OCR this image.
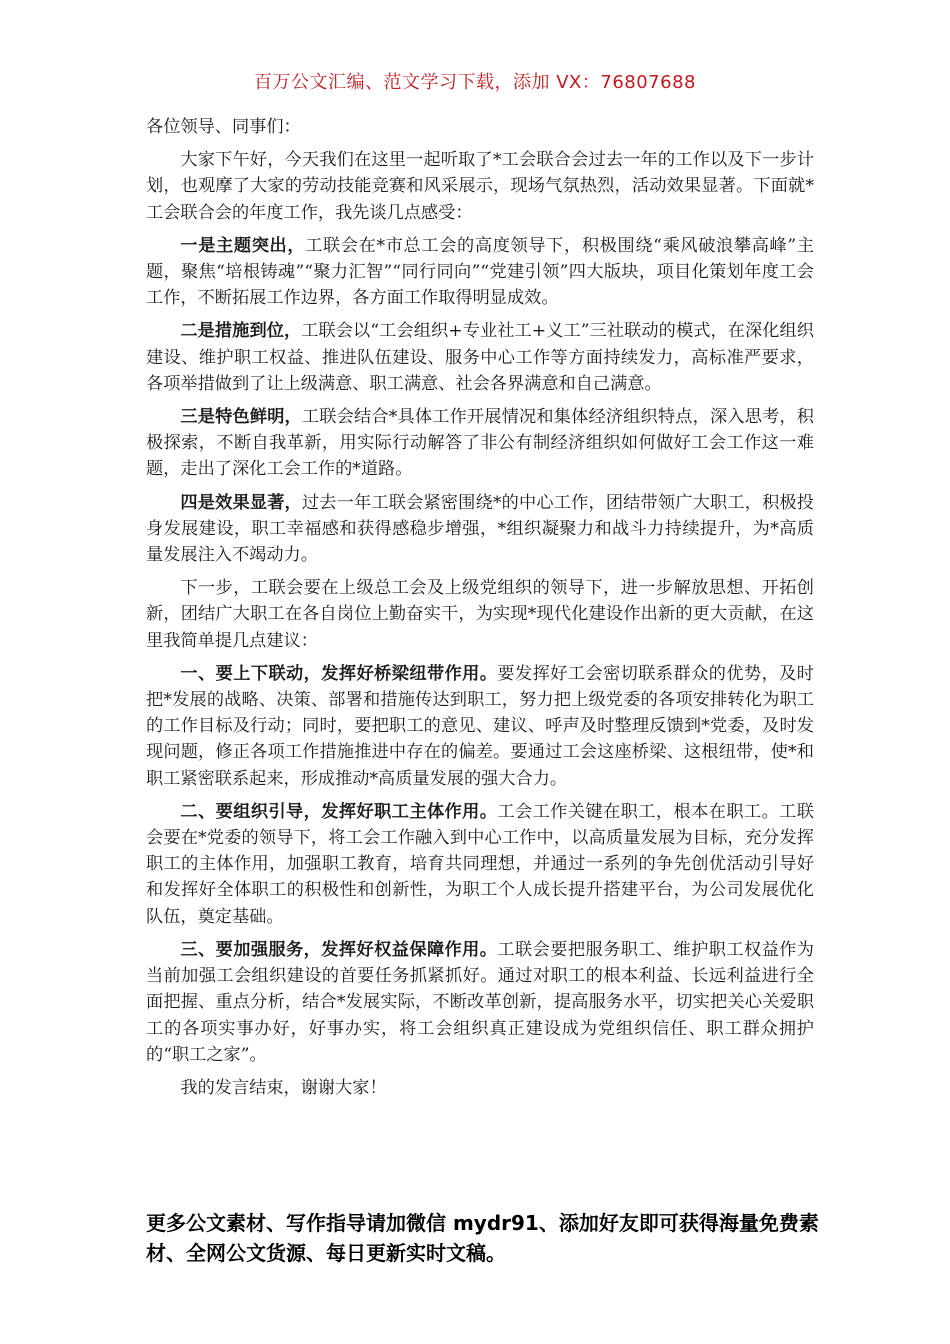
百万公文汇编、范文学习下载，添加 VX：76807688

各位领导、同事们：

大家下午好，今天我们在这里一起听取了*工会联合会过去一年的工作以及下一步计划，也观摩了大家的劳动技能竞赛和风采展示，现场气氛热烈，活动效果显著。下面就*工会联合会的年度工作，我先谈几点感受：

一是主题突出，工联会在*市总工会的高度领导下，积极围绕“乘风破浪攀高峰”主题，聚焦“培根铸魂”“聚力汇智”“同行同向”“党建引领”四大版块，项目化策划年度工会工作，不断拓展工作边界，各方面工作取得明显成效。

二是措施到位，工联会以“工会组织+专业社工+义工”三社联动的模式，在深化组织建设、维护职工权益、推进队伍建设、服务中心工作等方面持续发力，高标准严要求，各项举措做到了让上级满意、职工满意、社会各界满意和自己满意。

三是特色鲜明，工联会结合*具体工作开展情况和集体经济组织特点，深入思考，积极探索，不断自我革新，用实际行动解答了非公有制经济组织如何做好工会工作这一难题，走出了深化工会工作的*道路。

四是效果显著，过去一年工联会紧密围绕*的中心工作，团结带领广大职工，积极投身发展建设，职工幸福感和获得感稳步增强，*组织凝聚力和战斗力持续提升，为*高质量发展注入不竭动力。

下一步，工联会要在上级总工会及上级党组织的领导下，进一步解放思想、开拓创新，团结广大职工在各自岗位上勤奋实干，为实现*现代化建设作出新的更大贡献，在这里我简单提几点建议：

一、要上下联动，发挥好桥梁纽带作用。要发挥好工会密切联系群众的优势，及时把*发展的战略、决策、部署和措施传达到职工，努力把上级党委的各项安排转化为职工的工作目标及行动；同时，要把职工的意见、建议、呼声及时整理反馈到*党委，及时发现问题，修正各项工作措施推进中存在的偏差。要通过工会这座桥梁、这根纽带，使*和职工紧密联系起来，形成推动*高质量发展的强大合力。

二、要组织引导，发挥好职工主体作用。工会工作关键在职工，根本在职工。工联会要在*党委的领导下，将工会工作融入到中心工作中，以高质量发展为目标，充分发挥职工的主体作用，加强职工教育，培育共同理想，并通过一系列的争先创优活动引导好和发挥好全体职工的积极性和创新性，为职工个人成长提升搭建平台，为公司发展优化队伍，奠定基础。

三、要加强服务，发挥好权益保障作用。工联会要把服务职工、维护职工权益作为当前加强工会组织建设的首要任务抓紧抓好。通过对职工的根本利益、长远利益进行全面把握、重点分析，结合*发展实际，不断改革创新，提高服务水平，切实把关心关爱职工的各项实事办好，好事办实，将工会组织真正建设成为党组织信任、职工群众拥护的“职工之家”。

我的发言结束，谢谢大家！

更多公文素材、写作指导请加微信 mydr91、添加好友即可获得海量免费素材、全网公文货源、每日更新实时文稿。
